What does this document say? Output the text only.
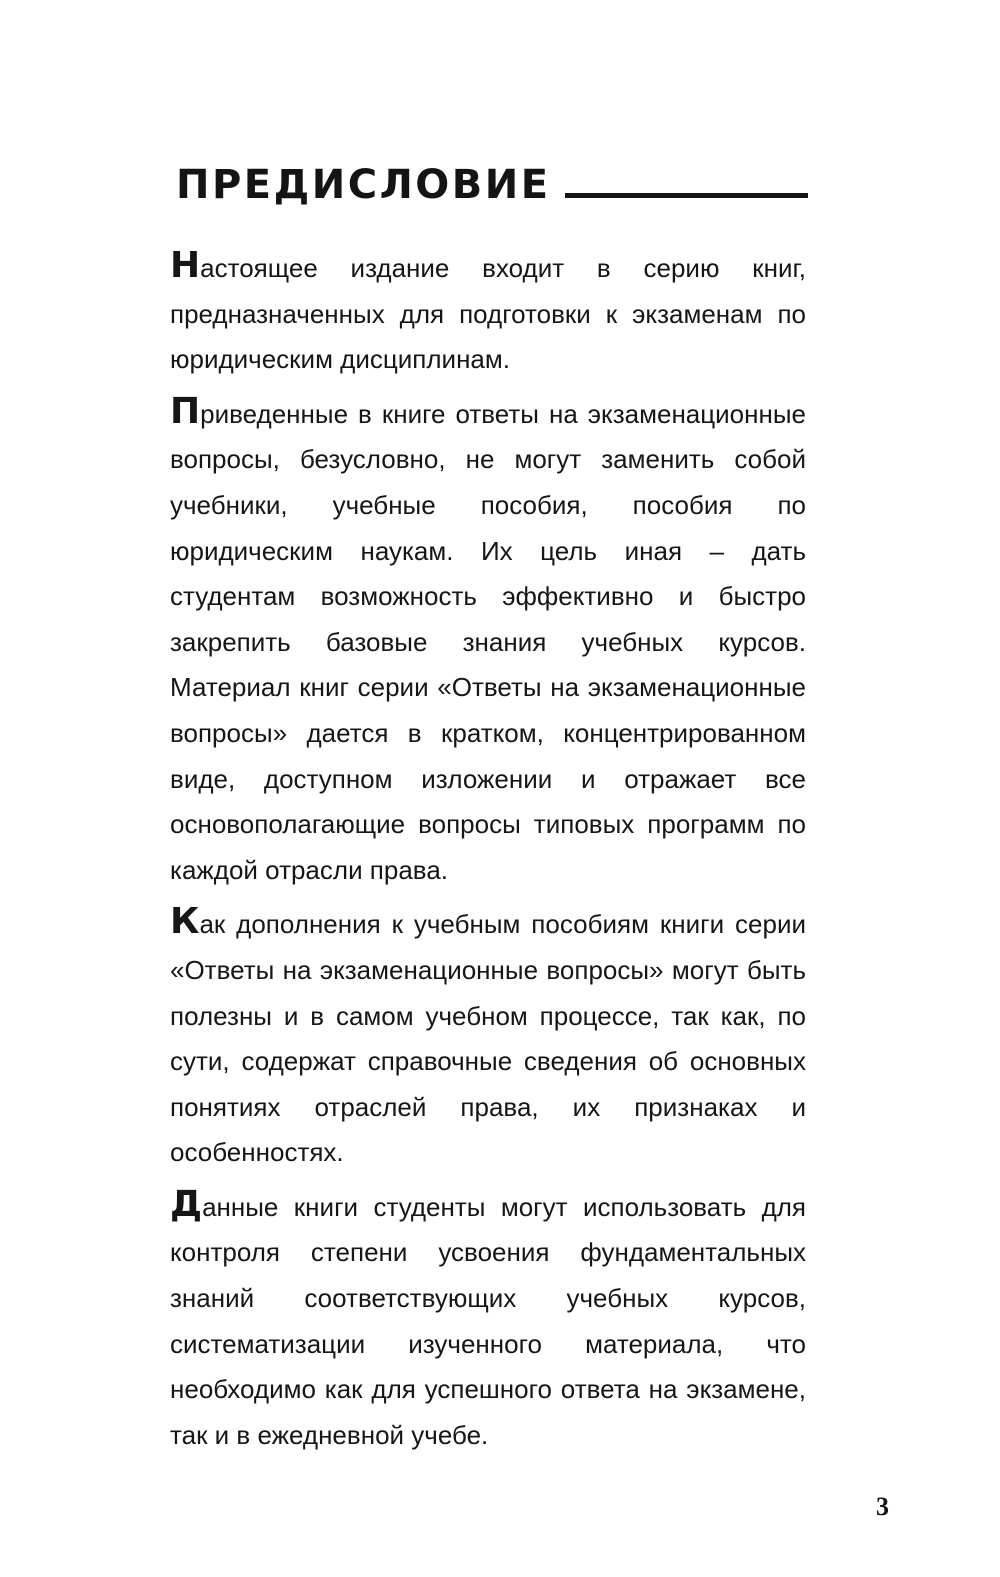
ПРЕДИСЛОВИЕ

Настоящее издание входит в серию книг, предназначенных для подготовки к экзаменам по юридическим дисциплинам.

Приведенные в книге ответы на экзаменационные вопросы, безусловно, не могут заменить собой учебники, учебные пособия, пособия по юридическим наукам. Их цель иная – дать студентам возможность эффективно и быстро закрепить базовые знания учебных курсов. Материал книг серии «Ответы на экзаменационные вопросы» дается в кратком, концентрированном виде, доступном изложении и отражает все основополагающие вопросы типовых программ по каждой отрасли права.

Как дополнения к учебным пособиям книги серии «Ответы на экзаменационные вопросы» могут быть полезны и в самом учебном процессе, так как, по сути, содержат справочные сведения об основных понятиях отраслей права, их признаках и особенностях.

Данные книги студенты могут использовать для контроля степени усвоения фундаментальных знаний соответствующих учебных курсов, систематизации изученного материала, что необходимо как для успешного ответа на экзамене, так и в ежедневной учебе.

3
